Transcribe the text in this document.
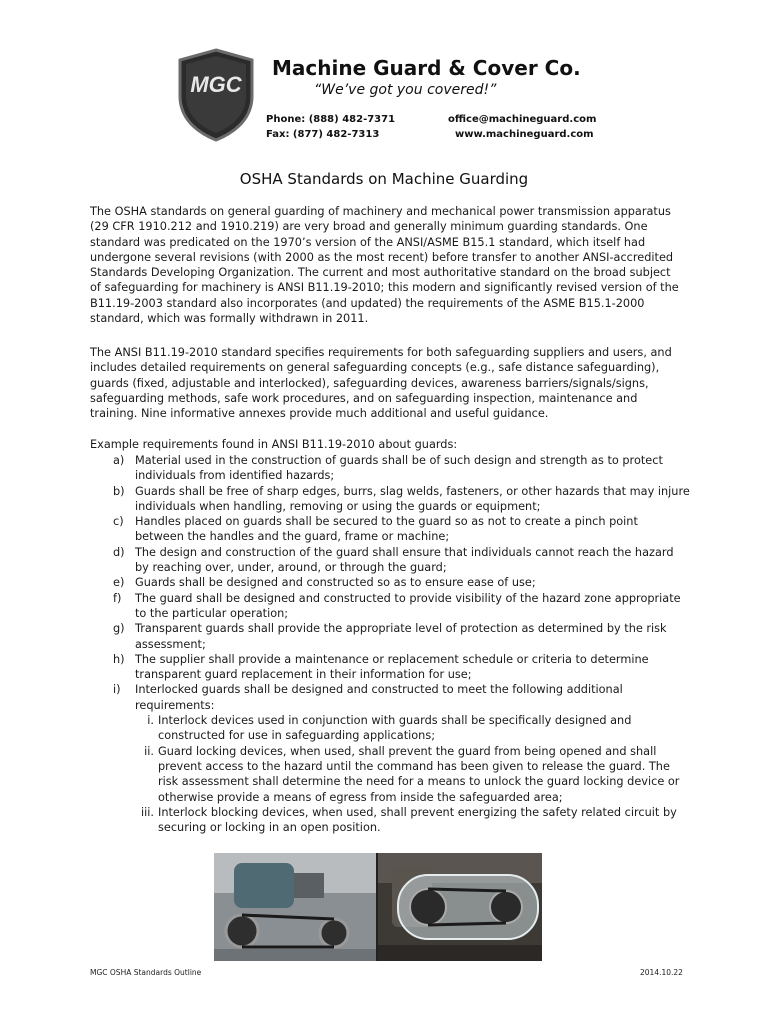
MGC
Machine Guard & Cover Co.
“We’ve got you covered!”
Phone: (888) 482-7371
Fax: (877) 482-7313
office@machineguard.com
www.machineguard.com
OSHA Standards on Machine Guarding

The OSHA standards on general guarding of machinery and mechanical power transmission apparatus (29 CFR 1910.212 and 1910.219) are very broad and generally minimum guarding standards. One standard was predicated on the 1970’s version of the ANSI/ASME B15.1 standard, which itself had undergone several revisions (with 2000 as the most recent) before transfer to another ANSI-accredited Standards Developing Organization. The current and most authoritative standard on the broad subject of safeguarding for machinery is ANSI B11.19-2010; this modern and significantly revised version of the B11.19-2003 standard also incorporates (and updated) the requirements of the ASME B15.1-2000 standard, which was formally withdrawn in 2011.

The ANSI B11.19-2010 standard specifies requirements for both safeguarding suppliers and users, and includes detailed requirements on general safeguarding concepts (e.g., safe distance safeguarding), guards (fixed, adjustable and interlocked), safeguarding devices, awareness barriers/signals/signs, safeguarding methods, safe work procedures, and on safeguarding inspection, maintenance and training. Nine informative annexes provide much additional and useful guidance.

Example requirements found in ANSI B11.19-2010 about guards:

a) Material used in the construction of guards shall be of such design and strength as to protect individuals from identified hazards;
b) Guards shall be free of sharp edges, burrs, slag welds, fasteners, or other hazards that may injure individuals when handling, removing or using the guards or equipment;
c)	Handles placed on guards shall be secured to the guard so as not to create a pinch point between the handles and the guard, frame or machine;
d) The design and construction of the guard shall ensure that individuals cannot reach the hazard by reaching over, under, around, or through the guard;
e) Guards shall be designed and constructed so as to ensure ease of use;
f)	The guard shall be designed and constructed to provide visibility of the hazard zone appropriate to the particular operation;
g) Transparent guards shall provide the appropriate level of protection as determined by the risk assessment;
h) The supplier shall provide a maintenance or replacement schedule or criteria to determine transparent guard replacement in their information for use;
i)	Interlocked guards shall be designed and constructed to meet the following additional requirements:
i. Interlock devices used in conjunction with guards shall be specifically designed and constructed for use in safeguarding applications;
ii. Guard locking devices, when used, shall prevent the guard from being opened and shall prevent access to the hazard until the command has been given to release the guard. The risk assessment shall determine the need for a means to unlock the guard locking device or otherwise provide a means of egress from inside the safeguarded area;
iii. Interlock blocking devices, when used, shall prevent energizing the safety related circuit by securing or locking in an open position.
MGC OSHA Standards Outline	2014.10.22
